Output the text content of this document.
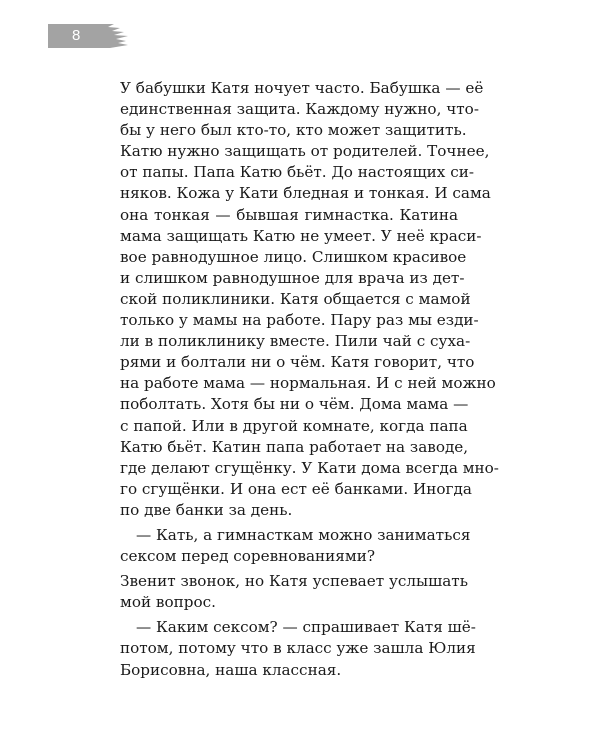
8
У бабушки Катя ночует часто. Бабушка — её
единственная защита. Каждому нужно, что-
бы у него был кто-то, кто может защитить.
Катю нужно защищать от родителей. Точнее,
от папы. Папа Катю бьёт. До настоящих си-
няков. Кожа у Кати бледная и тонкая. И сама
она тонкая — бывшая гимнастка. Катина
мама защищать Катю не умеет. У неё краси-
вое равнодушное лицо. Слишком красивое
и слишком равнодушное для врача из дет-
ской поликлиники. Катя общается с мамой
только у мамы на работе. Пару раз мы езди-
ли в поликлинику вместе. Пили чай с суха-
рями и болтали ни о чём. Катя говорит, что
на работе мама — нормальная. И с ней можно
поболтать. Хотя бы ни о чём. Дома мама —
с папой. Или в другой комнате, когда папа
Катю бьёт. Катин папа работает на заводе,
где делают сгущёнку. У Кати дома всегда мно-
го сгущёнки. И она ест её банками. Иногда
по две банки за день.
— Кать, а гимнасткам можно заниматься
сексом перед соревнованиями?
Звенит звонок, но Катя успевает услышать
мой вопрос.
— Каким сексом? — спрашивает Катя шё-
потом, потому что в класс уже зашла Юлия
Борисовна, наша классная.
